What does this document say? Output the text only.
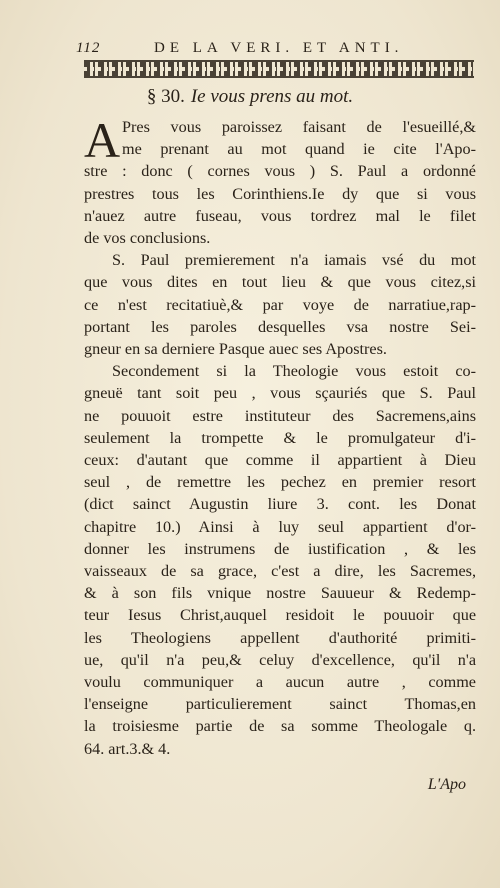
112	DE LA VERI. ET ANTI.
§ 30. Ie vous prens au mot.
A Pres vous paroissez faisant de l'esueillé,&
me prenant au mot quand ie cite l'Apo-
stre : donc ( cornes vous ) S. Paul a ordonné
prestres tous les Corinthiens.Ie dy que si vous
n'auez autre fuseau, vous tordrez mal le filet
de vos conclusions.
S. Paul premierement n'a iamais vsé du mot
que vous dites en tout lieu & que vous citez,si
ce n'est recitatiuè,& par voye de narratiue,rap-
portant les paroles desquelles vsa nostre Sei-
gneur en sa derniere Pasque auec ses Apostres.
Secondement si la Theologie vous estoit co-
gneuë tant soit peu , vous sçauriés que S. Paul
ne pouuoit estre instituteur des Sacremens,ains
seulement la trompette & le promulgateur d'i-
ceux: d'autant que comme il appartient à Dieu
seul , de remettre les pechez en premier resort
(dict sainct Augustin liure 3. cont. les Donat
chapitre 10.) Ainsi à luy seul appartient d'or-
donner les instrumens de iustification , & les
vaisseaux de sa grace, c'est a dire, les Sacremes,
& à son fils vnique nostre Sauueur & Redemp-
teur Iesus Christ,auquel residoit le pouuoir que
les Theologiens appellent d'authorité primiti-
ue, qu'il n'a peu,& celuy d'excellence, qu'il n'a
voulu communiquer a aucun autre , comme
l'enseigne particulierement sainct Thomas,en
la troisiesme partie de sa somme Theologale q.
64. art.3.& 4.
L'Apo
